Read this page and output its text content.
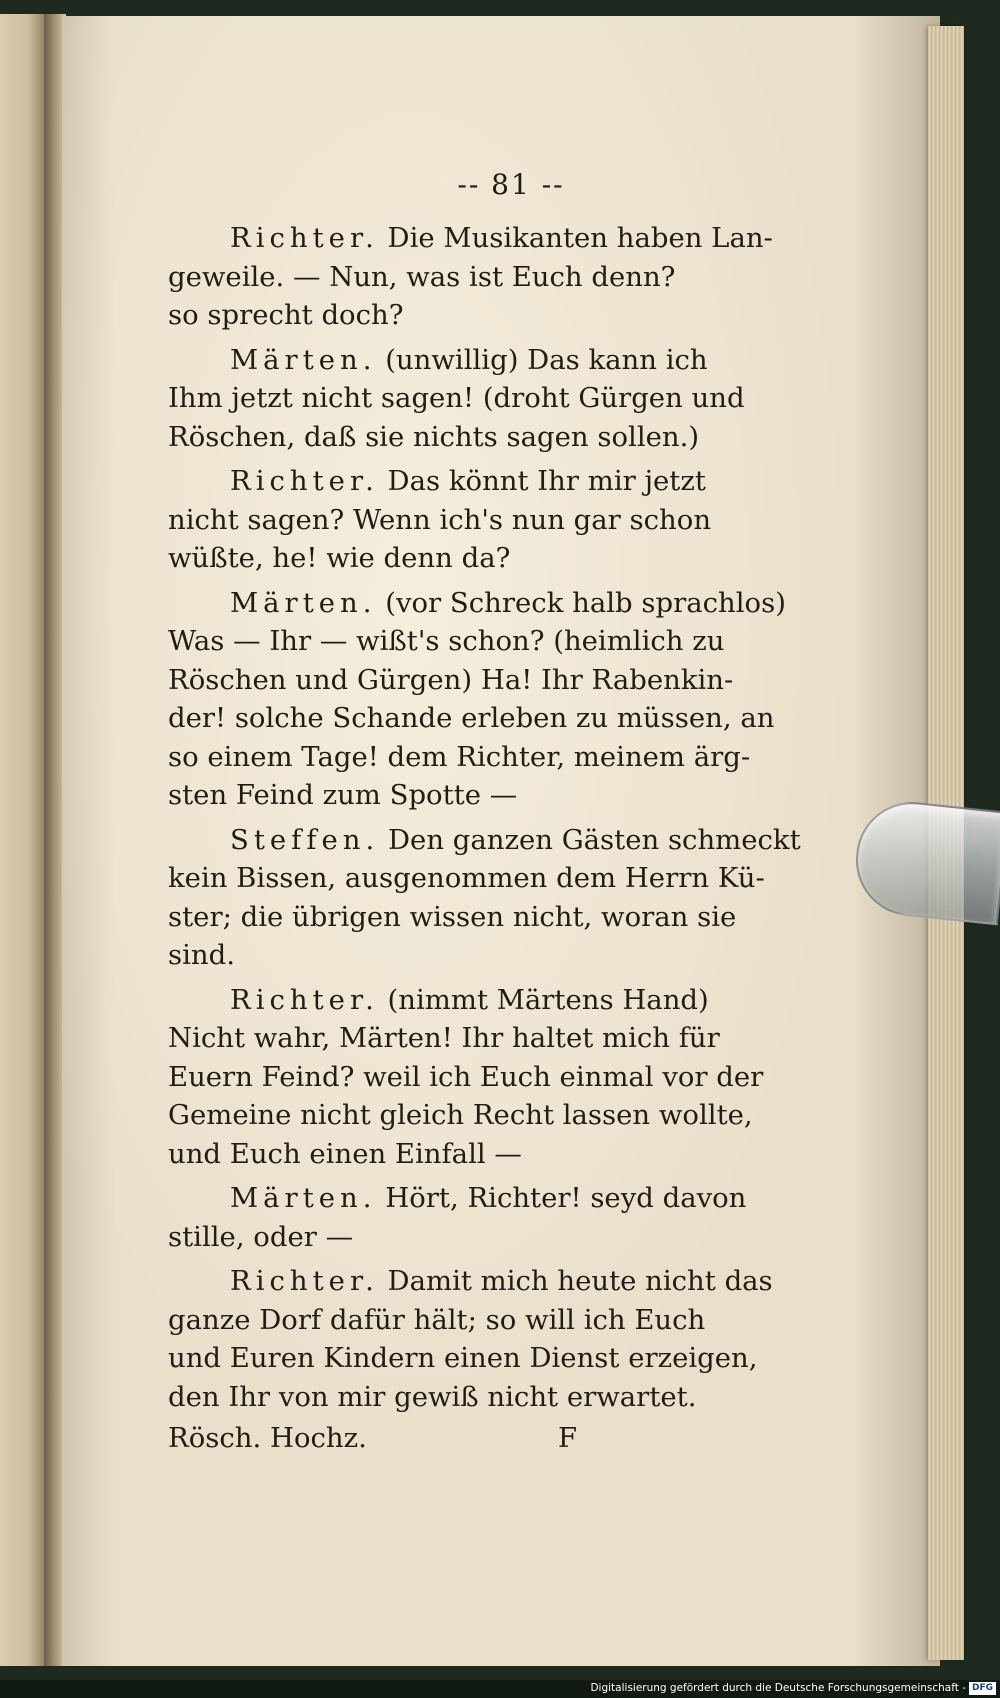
-- 81 --
Richter. Die Musikanten haben Lan-
geweile. — Nun, was ist Euch denn?
so sprecht doch?
Märten. (unwillig) Das kann ich
Ihm jetzt nicht sagen! (droht Gürgen und
Röschen, daß sie nichts sagen sollen.)
Richter. Das könnt Ihr mir jetzt
nicht sagen? Wenn ich's nun gar schon
wüßte, he! wie denn da?
Märten. (vor Schreck halb sprachlos)
Was — Ihr — wißt's schon? (heimlich zu
Röschen und Gürgen) Ha! Ihr Rabenkin-
der! solche Schande erleben zu müssen, an
so einem Tage! dem Richter, meinem ärg-
sten Feind zum Spotte —
Steffen. Den ganzen Gästen schmeckt
kein Bissen, ausgenommen dem Herrn Kü-
ster; die übrigen wissen nicht, woran sie
sind.
Richter. (nimmt Märtens Hand)
Nicht wahr, Märten! Ihr haltet mich für
Euern Feind? weil ich Euch einmal vor der
Gemeine nicht gleich Recht lassen wollte,
und Euch einen Einfall —
Märten. Hört, Richter! seyd davon
stille, oder —
Richter. Damit mich heute nicht das
ganze Dorf dafür hält; so will ich Euch
und Euren Kindern einen Dienst erzeigen,
den Ihr von mir gewiß nicht erwartet.
Rösch. Hochz.	F
Digitalisierung gefördert durch die Deutsche Forschungsgemeinschaft - DFG
